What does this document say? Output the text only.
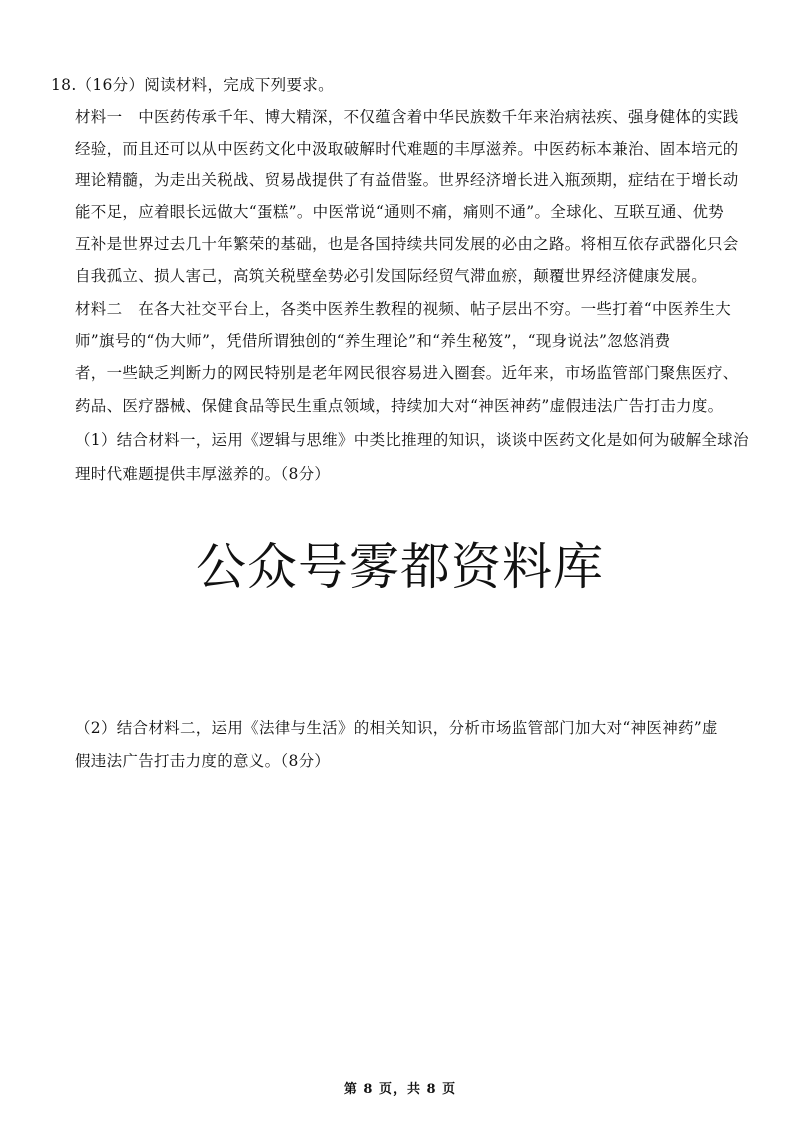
18.（16分）阅读材料，完成下列要求。
材料一　中医药传承千年、博大精深，不仅蕴含着中华民族数千年来治病祛疾、强身健体的实践
经验，而且还可以从中医药文化中汲取破解时代难题的丰厚滋养。中医药标本兼治、固本培元的
理论精髓，为走出关税战、贸易战提供了有益借鉴。世界经济增长进入瓶颈期，症结在于增长动
能不足，应着眼长远做大“蛋糕”。中医常说“通则不痛，痛则不通”。全球化、互联互通、优势
互补是世界过去几十年繁荣的基础，也是各国持续共同发展的必由之路。将相互依存武器化只会
自我孤立、损人害己，高筑关税壁垒势必引发国际经贸气滞血瘀，颠覆世界经济健康发展。
材料二　在各大社交平台上，各类中医养生教程的视频、帖子层出不穷。一些打着“中医养生大
师”旗号的“伪大师”，凭借所谓独创的“养生理论”和“养生秘笈”，“现身说法”忽悠消费
者，一些缺乏判断力的网民特别是老年网民很容易进入圈套。近年来，市场监管部门聚焦医疗、
药品、医疗器械、保健食品等民生重点领域，持续加大对“神医神药”虚假违法广告打击力度。
（1）结合材料一，运用《逻辑与思维》中类比推理的知识，谈谈中医药文化是如何为破解全球治
理时代难题提供丰厚滋养的。（8分）
公众号雾都资料库
（2）结合材料二，运用《法律与生活》的相关知识，分析市场监管部门加大对“神医神药”虚
假违法广告打击力度的意义。（8分）
第 8 页，共 8 页
